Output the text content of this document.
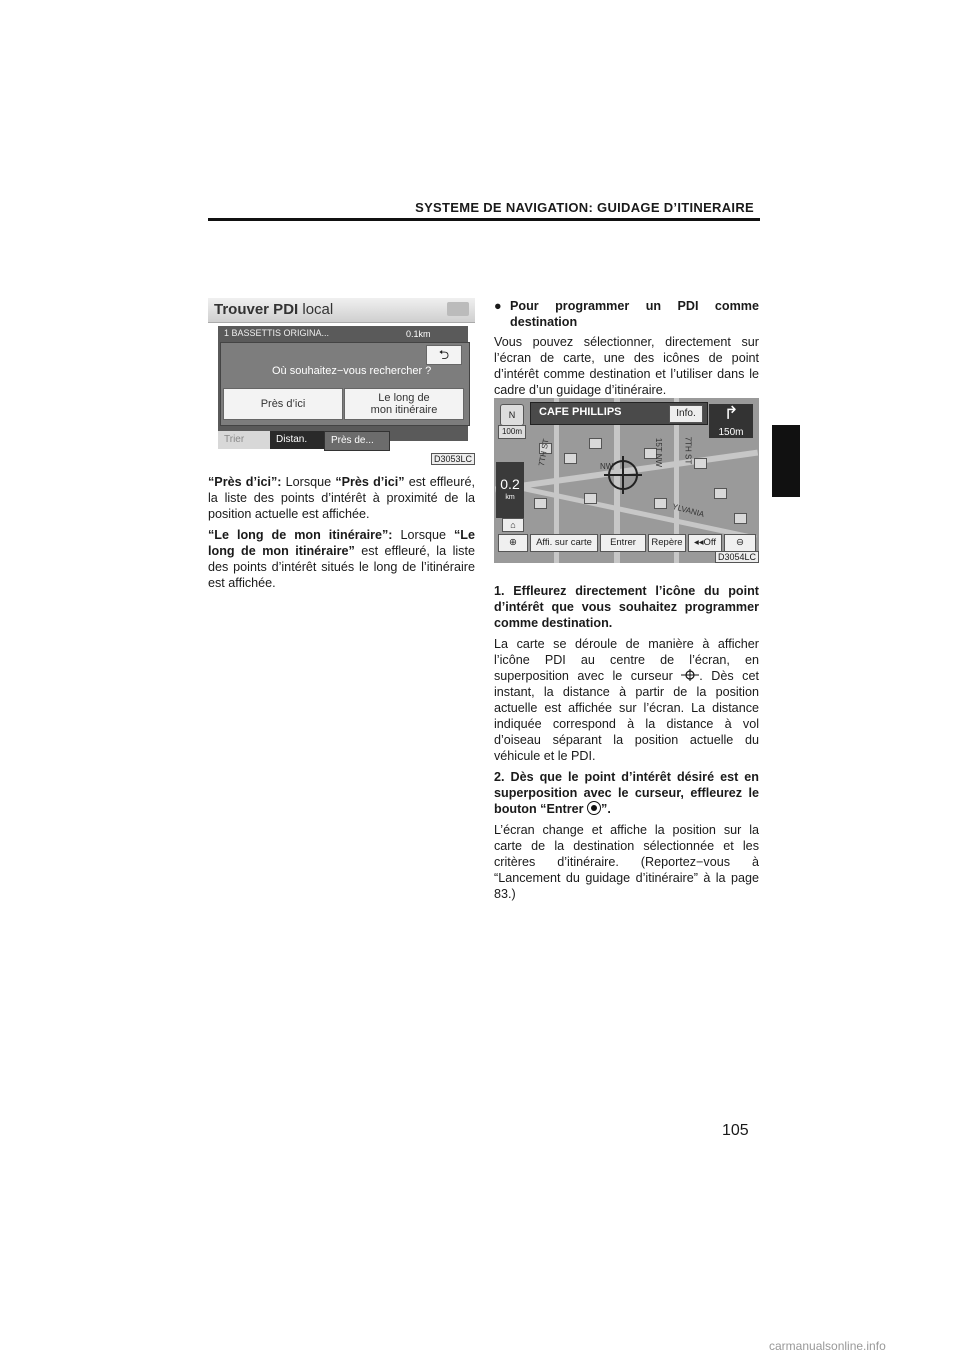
SYSTEME DE NAVIGATION: GUIDAGE D’ITINERAIRE
Trouver PDI local
1 BASSETTIS ORIGINA...	0.1km
⮌
Où souhaitez−vous rechercher ?
Près d’ici	Le long de
mon itinéraire
Trier	Distan.	Près de...
D3053LC

“Près d’ici”: Lorsque “Près d’ici” est effleuré, la liste des points d’intérêt à proximité de la position actuelle est affichée.

“Le long de mon itinéraire”: Lorsque “Le long de mon itinéraire” est effleuré, la liste des points d’intérêt situés le long de l’itinéraire est affichée.

● Pour programmer un PDI comme destination

Vous pouvez sélectionner, directement sur l’écran de carte, une des icônes de point d’intérêt comme destination et l’utiliser dans le cadre d’un guidage d’itinéraire.

1. Effleurez directement l’icône du point d’intérêt que vous souhaitez programmer comme destination.

La carte se déroule de manière à afficher l’icône PDI au centre de l’écran, en superposition avec le curseur . Dès cet instant, la distance à partir de la position actuelle est affichée sur l’écran. La distance indiquée correspond à la distance à vol d’oiseau séparant la position actuelle du véhicule et le PDI.

2. Dès que le point d’intérêt désiré est en superposition avec le curseur, effleurez le bouton “Entrer ”.

L’écran change et affiche la position sur la carte de la destination sélectionnée et les critères d’itinéraire. (Reportez−vous à “Lancement du guidage d’itinéraire” à la page 83.)

7TH ST	15T NW
YLVANIA
NW
7TH ST
N
100m
0.2
km
CAFE PHILLIPS	Info.	↱
150m
⌂
⊕	Affi. sur carte	Entrer	Repère	◂◂Off	⊖
D3054LC
105
carmanualsonline.info
